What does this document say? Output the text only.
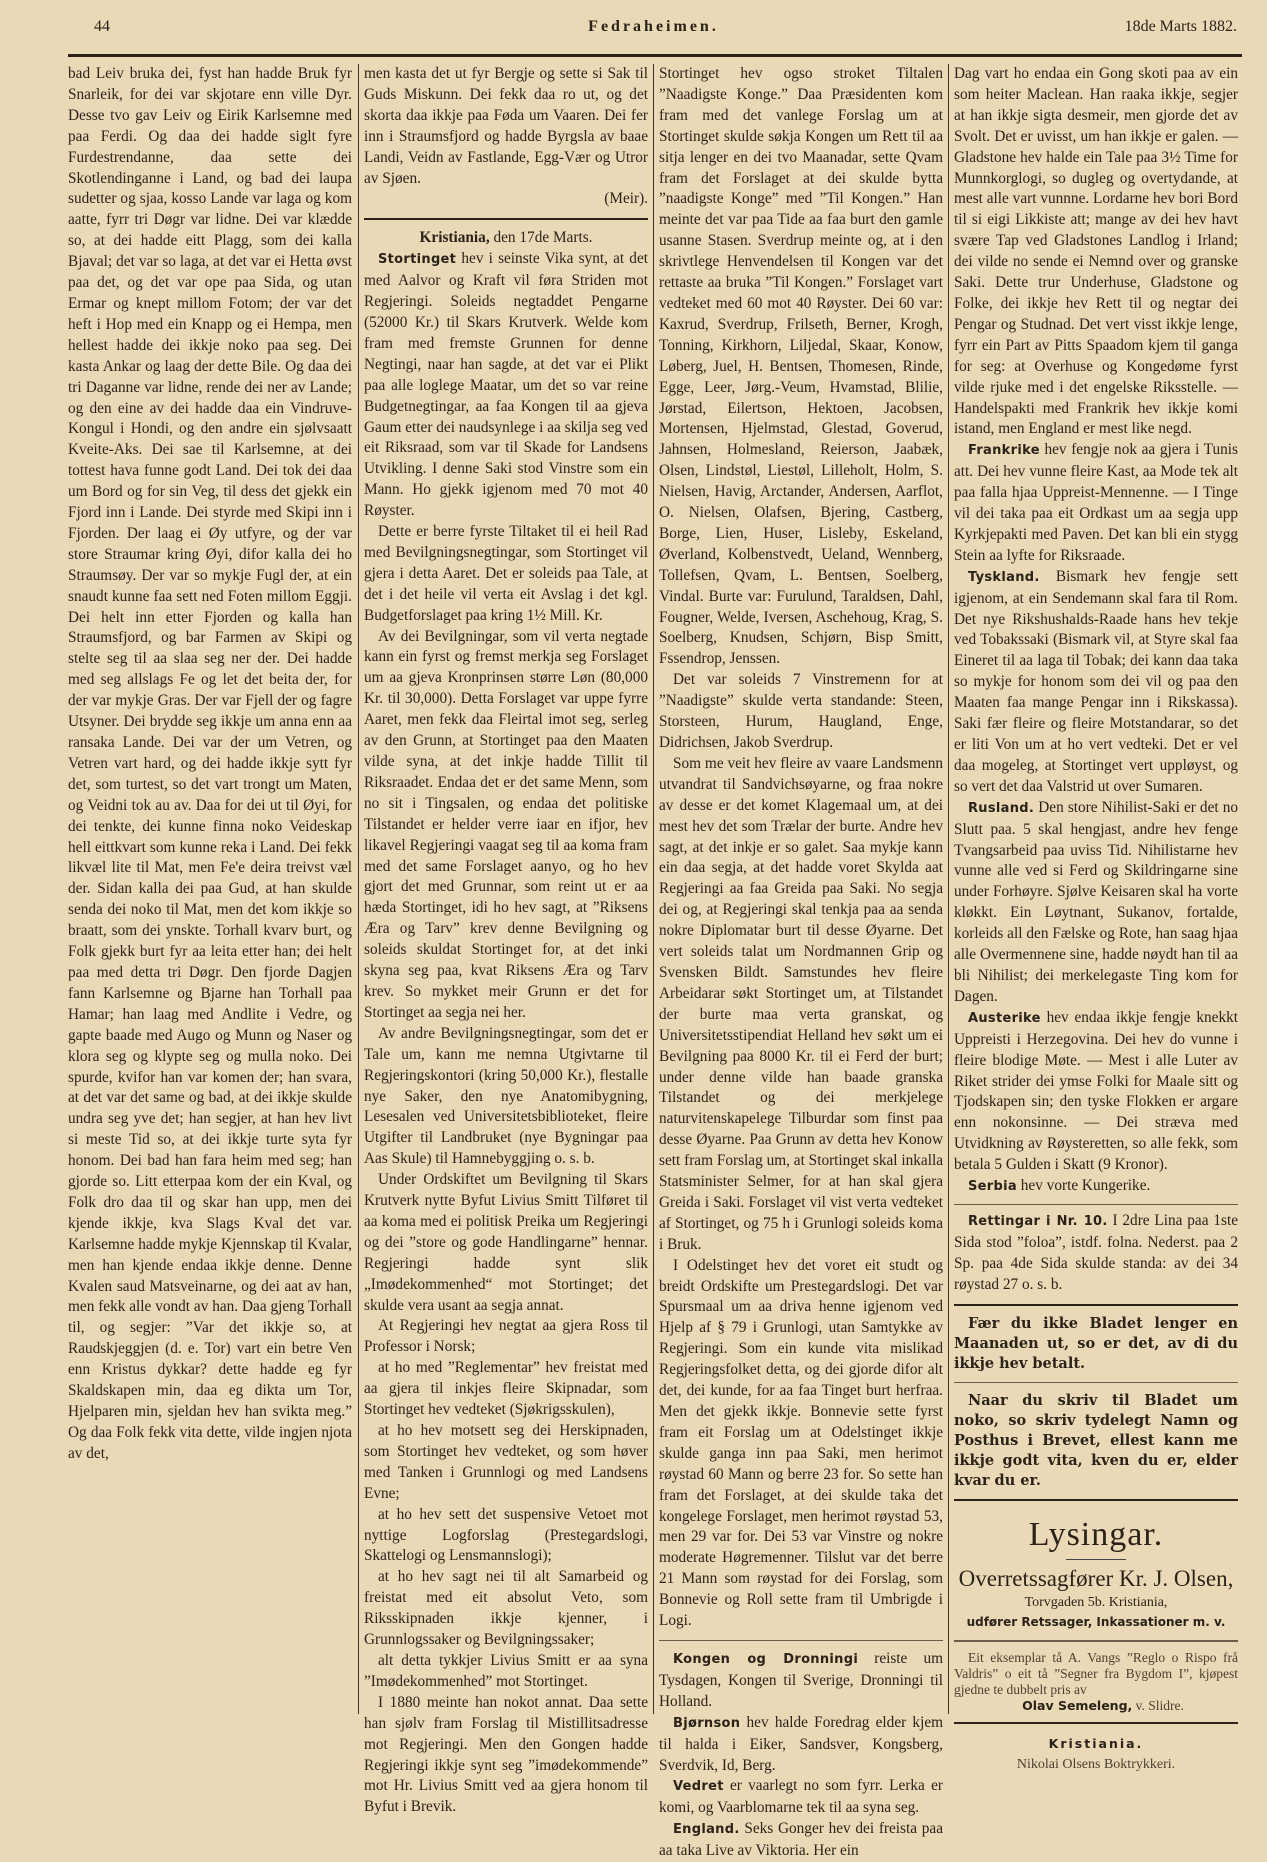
44	Fedraheimen.	18de Marts 1882.

bad Leiv bruka dei, fyst han hadde Bruk fyr Snarleik, for dei var skjotare enn ville Dyr. Desse tvo gav Leiv og Eirik Karlsemne med paa Ferdi. Og daa dei hadde siglt fyre Furdestrendanne, daa sette dei Skotlendinganne i Land, og bad dei laupa sudetter og sjaa, kosso Lande var laga og kom aatte, fyrr tri Døgr var lidne. Dei var klædde so, at dei hadde eitt Plagg, som dei kalla Bjaval; det var so laga, at det var ei Hetta øvst paa det, og det var ope paa Sida, og utan Ermar og knept millom Fotom; der var det heft i Hop med ein Knapp og ei Hempa, men hellest hadde dei ikkje noko paa seg. Dei kasta Ankar og laag der dette Bile. Og daa dei tri Daganne var lidne, rende dei ner av Lande; og den eine av dei hadde daa ein Vindruve-Kongul i Hondi, og den andre ein sjølvsaatt Kveite-Aks. Dei sae til Karlsemne, at dei tottest hava funne godt Land. Dei tok dei daa um Bord og for sin Veg, til dess det gjekk ein Fjord inn i Lande. Dei styrde med Skipi inn i Fjorden. Der laag ei Øy utfyre, og der var store Straumar kring Øyi, difor kalla dei ho Straumsøy. Der var so mykje Fugl der, at ein snaudt kunne faa sett ned Foten millom Eggji. Dei helt inn etter Fjorden og kalla han Straumsfjord, og bar Farmen av Skipi og stelte seg til aa slaa seg ner der. Dei hadde med seg allslags Fe og let det beita der, for der var mykje Gras. Der var Fjell der og fagre Utsyner. Dei brydde seg ikkje um anna enn aa ransaka Lande. Dei var der um Vetren, og Vetren vart hard, og dei hadde ikkje sytt fyr det, som turtest, so det vart trongt um Maten, og Veidni tok au av. Daa for dei ut til Øyi, for dei tenkte, dei kunne finna noko Veideskap hell eittkvart som kunne reka i Land. Dei fekk likvæl lite til Mat, men Fe'e deira treivst væl der. Sidan kalla dei paa Gud, at han skulde senda dei noko til Mat, men det kom ikkje so braatt, som dei ynskte. Torhall kvarv burt, og Folk gjekk burt fyr aa leita etter han; dei helt paa med detta tri Døgr. Den fjorde Dagjen fann Karlsemne og Bjarne han Torhall paa Hamar; han laag med Andlite i Vedre, og gapte baade med Augo og Munn og Naser og klora seg og klypte seg og mulla noko. Dei spurde, kvifor han var komen der; han svara, at det var det same og bad, at dei ikkje skulde undra seg yve det; han segjer, at han hev livt si meste Tid so, at dei ikkje turte syta fyr honom. Dei bad han fara heim med seg; han gjorde so. Litt etterpaa kom der ein Kval, og Folk dro daa til og skar han upp, men dei kjende ikkje, kva Slags Kval det var. Karlsemne hadde mykje Kjennskap til Kvalar, men han kjende endaa ikkje denne. Denne Kvalen saud Matsveinarne, og dei aat av han, men fekk alle vondt av han. Daa gjeng Torhall til, og segjer: ”Var det ikkje so, at Raudskjeggjen (d. e. Tor) vart ein betre Ven enn Kristus dykkar? dette hadde eg fyr Skaldskapen min, daa eg dikta um Tor, Hjelparen min, sjeldan hev han svikta meg.” Og daa Folk fekk vita dette, vilde ingjen njota av det,

men kasta det ut fyr Bergje og sette si Sak til Guds Miskunn. Dei fekk daa ro ut, og det skorta daa ikkje paa Føda um Vaaren. Dei fer inn i Straumsfjord og hadde Byrgsla av baae Landi, Veidn av Fastlande, Egg-Vær og Utror av Sjøen.

(Meir).

Kristiania, den 17de Marts.

Stortinget hev i seinste Vika synt, at det med Aalvor og Kraft vil føra Striden mot Regjeringi. Soleids negtaddet Pengarne (52000 Kr.) til Skars Krutverk. Welde kom fram med fremste Grunnen for denne Negtingi, naar han sagde, at det var ei Plikt paa alle loglege Maatar, um det so var reine Budgetnegtingar, aa faa Kongen til aa gjeva Gaum etter dei naudsynlege i aa skilja seg ved eit Riksraad, som var til Skade for Landsens Utvikling. I denne Saki stod Vinstre som ein Mann. Ho gjekk igjenom med 70 mot 40 Røyster.

Dette er berre fyrste Tiltaket til ei heil Rad med Bevilgningsnegtingar, som Stortinget vil gjera i detta Aaret. Det er soleids paa Tale, at det i det heile vil verta eit Avslag i det kgl. Budgetforslaget paa kring 1½ Mill. Kr.

Av dei Bevilgningar, som vil verta negtade kann ein fyrst og fremst merkja seg Forslaget um aa gjeva Kronprinsen større Løn (80,000 Kr. til 30,000). Detta Forslaget var uppe fyrre Aaret, men fekk daa Fleirtal imot seg, serleg av den Grunn, at Stortinget paa den Maaten vilde syna, at det inkje hadde Tillit til Riksraadet. Endaa det er det same Menn, som no sit i Tingsalen, og endaa det politiske Tilstandet er helder verre iaar en ifjor, hev likavel Regjeringi vaagat seg til aa koma fram med det same Forslaget aanyo, og ho hev gjort det med Grunnar, som reint ut er aa hæda Stortinget, idi ho hev sagt, at ”Riksens Æra og Tarv” krev denne Bevilgning og soleids skuldat Stortinget for, at det inki skyna seg paa, kvat Riksens Æra og Tarv krev. So mykket meir Grunn er det for Stortinget aa segja nei her.

Av andre Bevilgningsnegtingar, som det er Tale um, kann me nemna Utgivtarne til Regjeringskontori (kring 50,000 Kr.), flestalle nye Saker, den nye Anatomibygning, Lesesalen ved Universitetsbiblioteket, fleire Utgifter til Landbruket (nye Bygningar paa Aas Skule) til Hamnebyggjing o. s. b.

Under Ordskiftet um Bevilgning til Skars Krutverk nytte Byfut Livius Smitt Tilføret til aa koma med ei politisk Preika um Regjeringi og dei ”store og gode Handlingarne” hennar. Regjeringi hadde synt slik „Imødekommenhed“ mot Stortinget; det skulde vera usant aa segja annat.

At Regjeringi hev negtat aa gjera Ross til Professor i Norsk;

at ho med ”Reglementar” hev freistat med aa gjera til inkjes fleire Skipnadar, som Stortinget hev vedteket (Sjøkrigsskulen),

at ho hev motsett seg dei Herskipnaden, som Stortinget hev vedteket, og som høver med Tanken i Grunnlogi og med Landsens Evne;

at ho hev sett det suspensive Vetoet mot nyttige Logforslag (Prestegardslogi, Skattelogi og Lensmannslogi);

at ho hev sagt nei til alt Samarbeid og freistat med eit absolut Veto, som Riksskipnaden ikkje kjenner, i Grunnlogssaker og Bevilgningssaker;

alt detta tykkjer Livius Smitt er aa syna ”Imødekommenhed” mot Stortinget.

I 1880 meinte han nokot annat. Daa sette han sjølv fram Forslag til Mistillitsadresse mot Regjeringi. Men den Gongen hadde Regjeringi ikkje synt seg ”imødekommende” mot Hr. Livius Smitt ved aa gjera honom til Byfut i Brevik.

Stortinget hev ogso stroket Tiltalen ”Naadigste Konge.” Daa Præsidenten kom fram med det vanlege Forslag um at Stortinget skulde søkja Kongen um Rett til aa sitja lenger en dei tvo Maanadar, sette Qvam fram det Forslaget at dei skulde bytta ”naadigste Konge” med ”Til Kongen.” Han meinte det var paa Tide aa faa burt den gamle usanne Stasen. Sverdrup meinte og, at i den skrivtlege Henvendelsen til Kongen var det rettaste aa bruka ”Til Kongen.” Forslaget vart vedteket med 60 mot 40 Røyster. Dei 60 var: Kaxrud, Sverdrup, Frilseth, Berner, Krogh, Tonning, Kirkhorn, Liljedal, Skaar, Konow, Løberg, Juel, H. Bentsen, Thomesen, Rinde, Egge, Leer, Jørg.-Veum, Hvamstad, Blilie, Jørstad, Eilertson, Hektoen, Jacobsen, Mortensen, Hjelmstad, Glestad, Goverud, Jahnsen, Holmesland, Reierson, Jaabæk, Olsen, Lindstøl, Liestøl, Lilleholt, Holm, S. Nielsen, Havig, Arctander, Andersen, Aarflot, O. Nielsen, Olafsen, Bjering, Castberg, Borge, Lien, Huser, Lisleby, Eskeland, Øverland, Kolbenstvedt, Ueland, Wennberg, Tollefsen, Qvam, L. Bentsen, Soelberg, Vindal. Burte var: Furulund, Taraldsen, Dahl, Fougner, Welde, Iversen, Aschehoug, Krag, S. Soelberg, Knudsen, Schjørn, Bisp Smitt, Fssendrop, Jenssen.

Det var soleids 7 Vinstremenn for at ”Naadigste” skulde verta standande: Steen, Storsteen, Hurum, Haugland, Enge, Didrichsen, Jakob Sverdrup.

Som me veit hev fleire av vaare Landsmenn utvandrat til Sandvichsøyarne, og fraa nokre av desse er det komet Klagemaal um, at dei mest hev det som Trælar der burte. Andre hev sagt, at det inkje er so galet. Saa mykje kann ein daa segja, at det hadde voret Skylda aat Regjeringi aa faa Greida paa Saki. No segja dei og, at Regjeringi skal tenkja paa aa senda nokre Diplomatar burt til desse Øyarne. Det vert soleids talat um Nordmannen Grip og Svensken Bildt. Samstundes hev fleire Arbeidarar søkt Stortinget um, at Tilstandet der burte maa verta granskat, og Universitetsstipendiat Helland hev søkt um ei Bevilgning paa 8000 Kr. til ei Ferd der burt; under denne vilde han baade granska Tilstandet og dei merkjelege naturvitenskapelege Tilburdar som finst paa desse Øyarne. Paa Grunn av detta hev Konow sett fram Forslag um, at Stortinget skal inkalla Statsminister Selmer, for at han skal gjera Greida i Saki. Forslaget vil vist verta vedteket af Stortinget, og 75 h i Grunlogi soleids koma i Bruk.

I Odelstinget hev det voret eit studt og breidt Ordskifte um Prestegardslogi. Det var Spursmaal um aa driva henne igjenom ved Hjelp af § 79 i Grunlogi, utan Samtykke av Regjeringi. Som ein kunde vita mislikad Regjeringsfolket detta, og dei gjorde difor alt det, dei kunde, for aa faa Tinget burt herfraa. Men det gjekk ikkje. Bonnevie sette fyrst fram eit Forslag um at Odelstinget ikkje skulde ganga inn paa Saki, men herimot røystad 60 Mann og berre 23 for. So sette han fram det Forslaget, at dei skulde taka det kongelege Forslaget, men herimot røystad 53, men 29 var for. Dei 53 var Vinstre og nokre moderate Høgremenner. Tilslut var det berre 21 Mann som røystad for dei Forslag, som Bonnevie og Roll sette fram til Umbrigde i Logi.

Kongen og Dronningi reiste um Tysdagen, Kongen til Sverige, Dronningi til Holland.

Bjørnson hev halde Foredrag elder kjem til halda i Eiker, Sandsver, Kongsberg, Sverdvik, Id, Berg.

Vedret er vaarlegt no som fyrr. Lerka er komi, og Vaarblomarne tek til aa syna seg.

England. Seks Gonger hev dei freista paa aa taka Live av Viktoria. Her ein

Dag vart ho endaa ein Gong skoti paa av ein som heiter Maclean. Han raaka ikkje, segjer at han ikkje sigta desmeir, men gjorde det av Svolt. Det er uvisst, um han ikkje er galen. — Gladstone hev halde ein Tale paa 3½ Time for Munnkorglogi, so dugleg og overtydande, at mest alle vart vunnne. Lordarne hev bori Bord til si eigi Likkiste att; mange av dei hev havt svære Tap ved Gladstones Landlog i Irland; dei vilde no sende ei Nemnd over og granske Saki. Dette trur Underhuse, Gladstone og Folke, dei ikkje hev Rett til og negtar dei Pengar og Studnad. Det vert visst ikkje lenge, fyrr ein Part av Pitts Spaadom kjem til ganga for seg: at Overhuse og Kongedøme fyrst vilde rjuke med i det engelske Riksstelle. — Handelspakti med Frankrik hev ikkje komi istand, men England er mest like negd.

Frankrike hev fengje nok aa gjera i Tunis att. Dei hev vunne fleire Kast, aa Mode tek alt paa falla hjaa Uppreist-Mennenne. — I Tinge vil dei taka paa eit Ordkast um aa segja upp Kyrkjepakti med Paven. Det kan bli ein stygg Stein aa lyfte for Riksraade.

Tyskland. Bismark hev fengje sett igjenom, at ein Sendemann skal fara til Rom. Det nye Rikshushalds-Raade hans hev tekje ved Tobakssaki (Bismark vil, at Styre skal faa Eineret til aa laga til Tobak; dei kann daa taka so mykje for honom som dei vil og paa den Maaten faa mange Pengar inn i Rikskassa). Saki fær fleire og fleire Motstandarar, so det er liti Von um at ho vert vedteki. Det er vel daa mogeleg, at Stortinget vert uppløyst, og so vert det daa Valstrid ut over Sumaren.

Rusland. Den store Nihilist-Saki er det no Slutt paa. 5 skal hengjast, andre hev fenge Tvangsarbeid paa uviss Tid. Nihilistarne hev vunne alle ved si Ferd og Skildringarne sine under Forhøyre. Sjølve Keisaren skal ha vorte kløkkt. Ein Løytnant, Sukanov, fortalde, korleids all den Fælske og Rote, han saag hjaa alle Overmennene sine, hadde nøydt han til aa bli Nihilist; dei merkelegaste Ting kom for Dagen.

Austerike hev endaa ikkje fengje knekkt Uppreisti i Herzegovina. Dei hev do vunne i fleire blodige Møte. — Mest i alle Luter av Riket strider dei ymse Folki for Maale sitt og Tjodskapen sin; den tyske Flokken er argare enn nokonsinne. — Dei stræva med Utvidkning av Røysteretten, so alle fekk, som betala 5 Gulden i Skatt (9 Kronor).

Serbia hev vorte Kungerike.

Rettingar i Nr. 10. I 2dre Lina paa 1ste Sida stod ”folоa”, istdf. folna. Nederst. paa 2 Sp. paa 4de Sida skulde standa: av dei 34 røystad 27 o. s. b.

Fær du ikke Bladet lenger en Maanaden ut, so er det, av di du ikkje hev betalt.

Naar du skriv til Bladet um noko, so skriv tydelegt Namn og Posthus i Brevet, ellest kann me ikkje godt vita, kven du er, elder kvar du er.

Lysingar.
Overretssagfører Kr. J. Olsen,
Torvgaden 5b. Kristiania,
udfører Retssager, Inkassationer m. v.

Eit eksemplar tå A. Vangs ”Reglo o Rispo frå Valdris” o eit tå ”Segner fra Bygdom I”, kjøpest gjedne te dubbelt pris av

Olav Semeleng, v. Slidre.

Kristiania.
Nikolai Olsens Boktrykkeri.
